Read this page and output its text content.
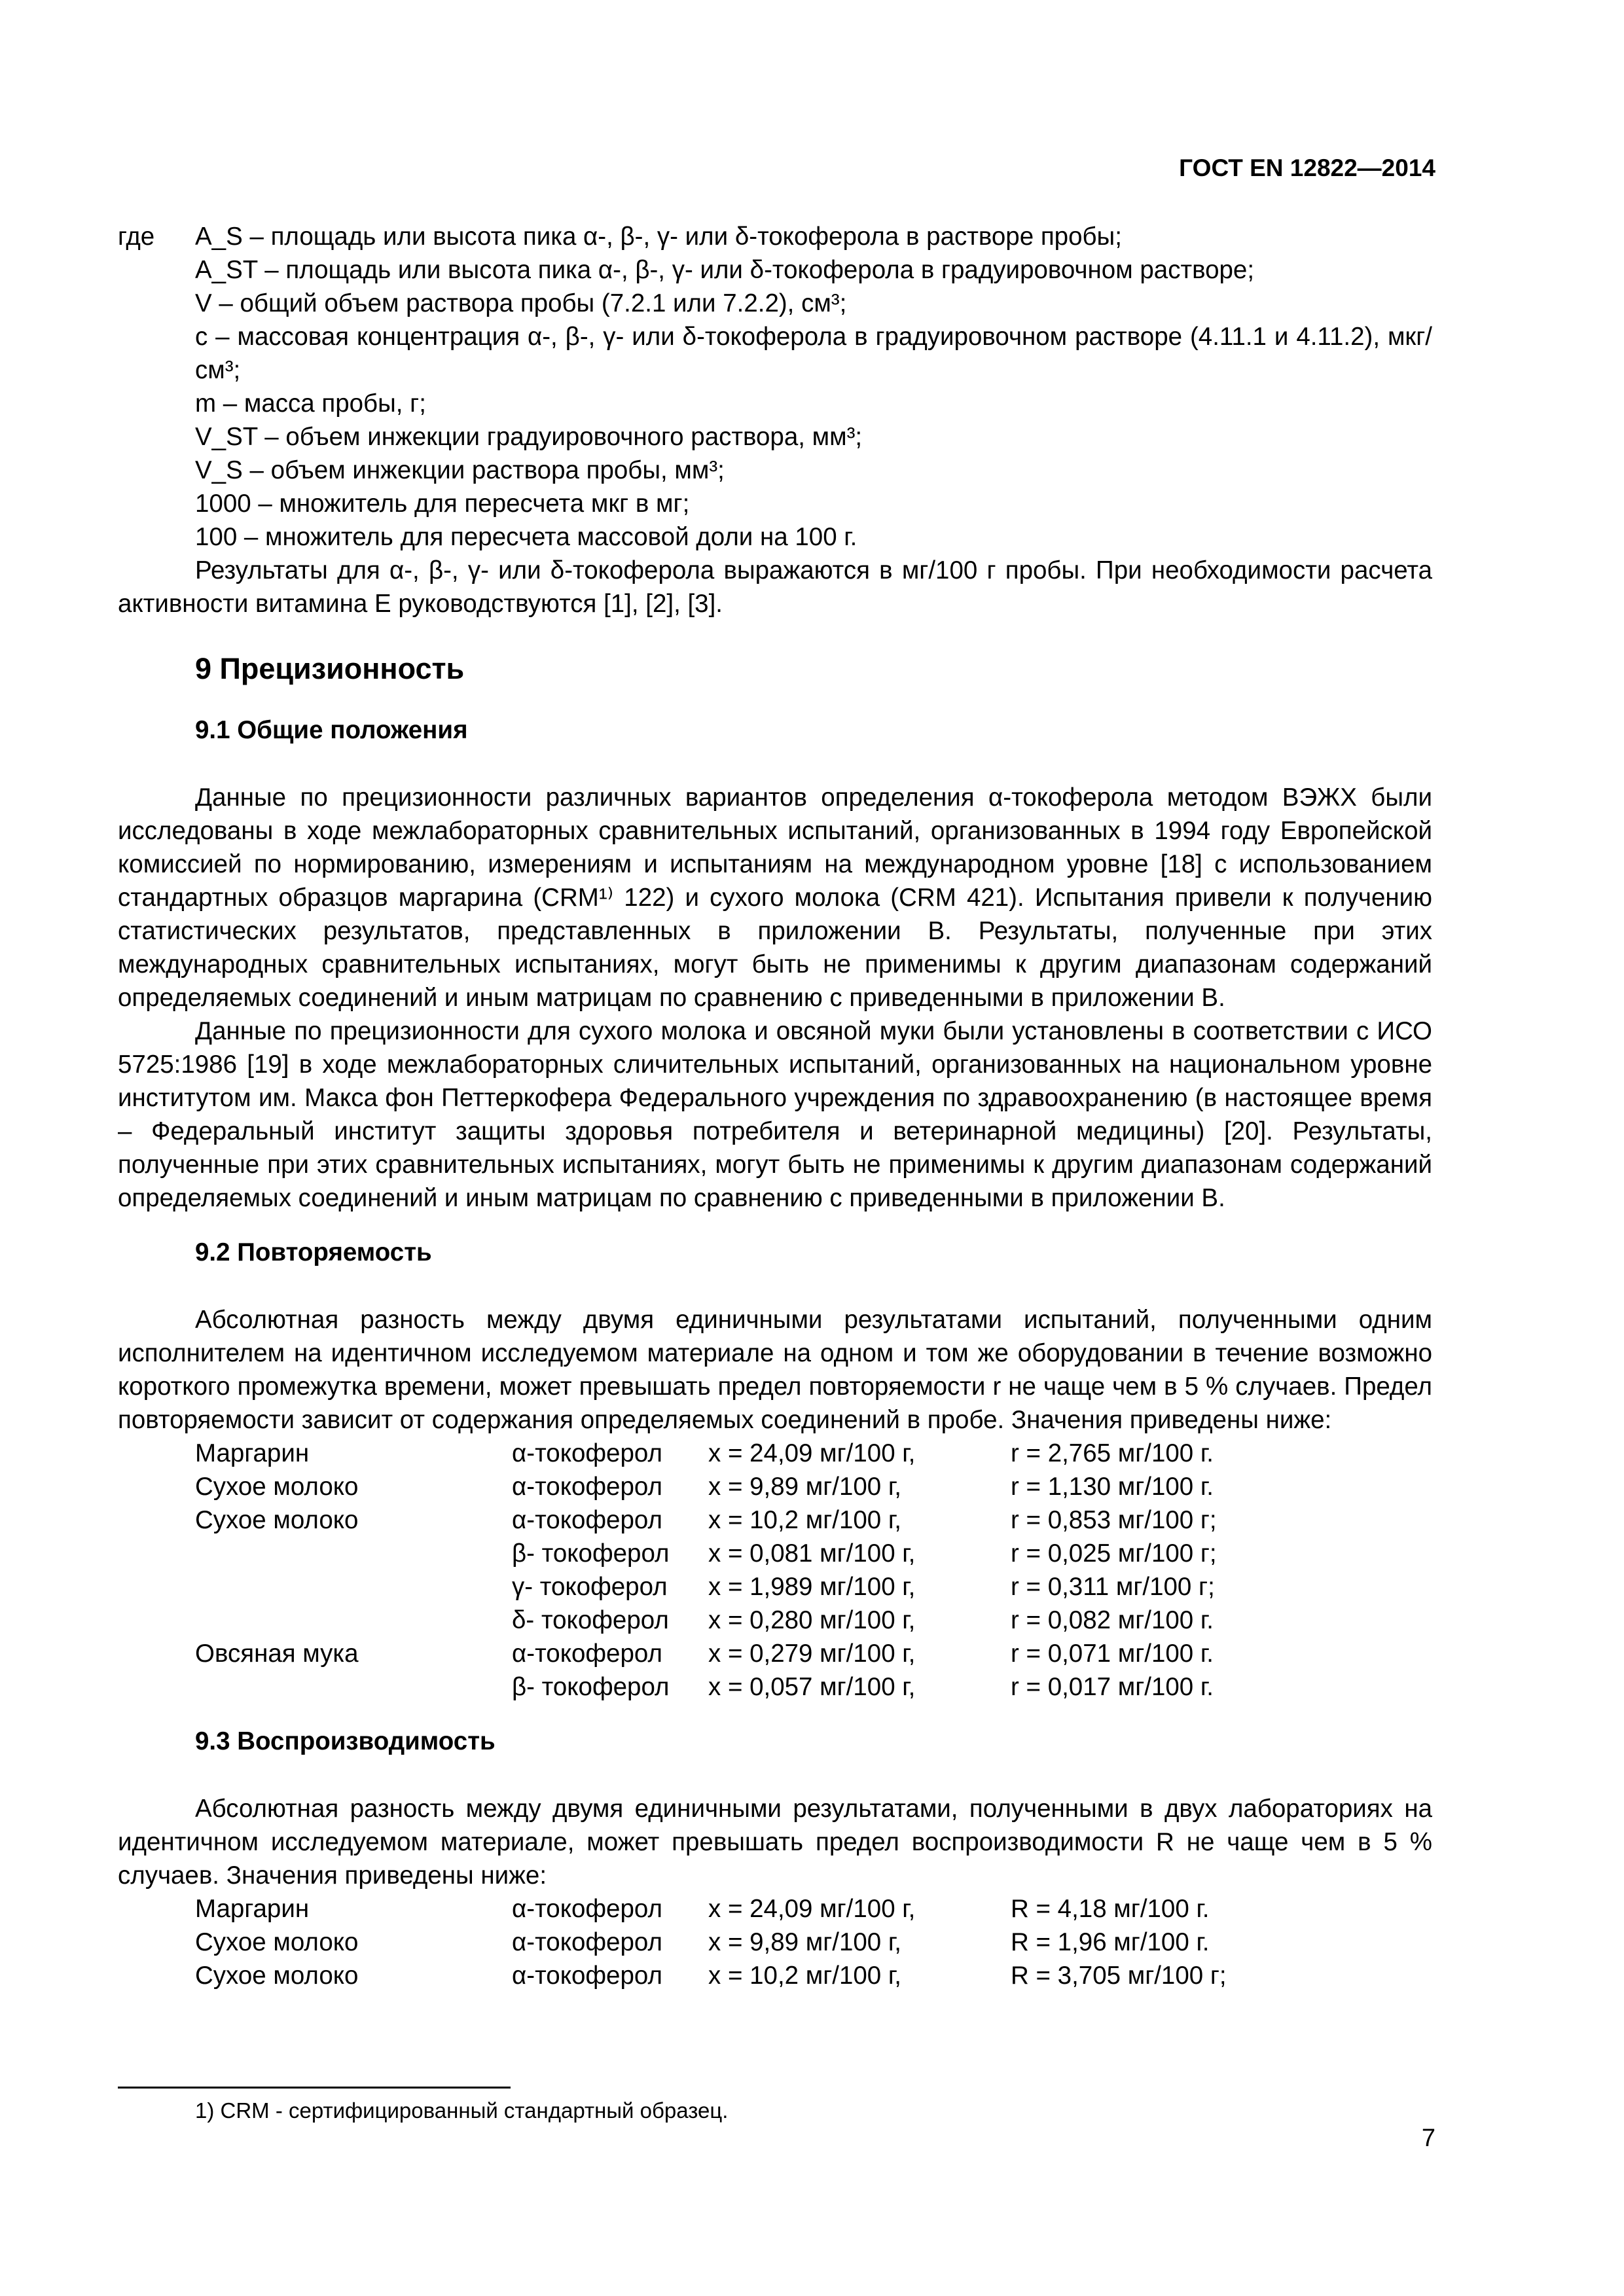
ГОСТ EN 12822—2014
где	A_S – площадь или высота пика α-, β-, γ- или δ-токоферола в растворе пробы;
A_ST – площадь или высота пика α-, β-, γ- или δ-токоферола в градуировочном растворе;
V – общий объем раствора пробы (7.2.1 или 7.2.2), см³;
c – массовая концентрация α-, β-, γ- или δ-токоферола в градуировочном растворе (4.11.1 и 4.11.2), мкг/см³;
m – масса пробы, г;
V_ST – объем инжекции градуировочного раствора, мм³;
V_S – объем инжекции раствора пробы, мм³;
1000 – множитель для пересчета мкг в мг;
100 – множитель для пересчета массовой доли на 100 г.

Результаты для α-, β-, γ- или δ-токоферола выражаются в мг/100 г пробы. При необходимости расчета активности витамина E руководствуются [1], [2], [3].

9 Прецизионность
9.1 Общие положения

Данные по прецизионности различных вариантов определения α-токоферола методом ВЭЖХ были исследованы в ходе межлабораторных сравнительных испытаний, организованных в 1994 году Европейской комиссией по нормированию, измерениям и испытаниям на международном уровне [18] с использованием стандартных образцов маргарина (CRM¹⁾ 122) и сухого молока (CRM 421). Испытания привели к получению статистических результатов, представленных в приложении В. Результаты, полученные при этих международных сравнительных испытаниях, могут быть не применимы к другим диапазонам содержаний определяемых соединений и иным матрицам по сравнению с приведенными в приложении В.

Данные по прецизионности для сухого молока и овсяной муки были установлены в соответствии с ИСО 5725:1986 [19] в ходе межлабораторных сличительных испытаний, организованных на национальном уровне институтом им. Макса фон Петтеркофера Федерального учреждения по здравоохранению (в настоящее время – Федеральный институт защиты здоровья потребителя и ветеринарной медицины) [20]. Результаты, полученные при этих сравнительных испытаниях, могут быть не применимы к другим диапазонам содержаний определяемых соединений и иным матрицам по сравнению с приведенными в приложении В.

9.2 Повторяемость

Абсолютная разность между двумя единичными результатами испытаний, полученными одним исполнителем на идентичном исследуемом материале на одном и том же оборудовании в течение возможно короткого промежутка времени, может превышать предел повторяемости r не чаще чем в 5 % случаев. Предел повторяемости зависит от содержания определяемых соединений в пробе. Значения приведены ниже:

Маргарин	α-токоферол	x = 24,09 мг/100 г,	r = 2,765 мг/100 г.
Сухое молоко	α-токоферол	x = 9,89 мг/100 г,	r = 1,130 мг/100 г.
Сухое молоко	α-токоферол	x = 10,2 мг/100 г,	r = 0,853 мг/100 г;
	β- токоферол	x = 0,081 мг/100 г,	r = 0,025 мг/100 г;
	γ- токоферол	x = 1,989 мг/100 г,	r = 0,311 мг/100 г;
	δ- токоферол	x = 0,280 мг/100 г,	r = 0,082 мг/100 г.
Овсяная мука	α-токоферол	x = 0,279 мг/100 г,	r = 0,071 мг/100 г.
	β- токоферол	x = 0,057 мг/100 г,	r = 0,017 мг/100 г.
9.3 Воспроизводимость

Абсолютная разность между двумя единичными результатами, полученными в двух лабораториях на идентичном исследуемом материале, может превышать предел воспроизводимости R не чаще чем в 5 % случаев. Значения приведены ниже:

Маргарин	α-токоферол	x = 24,09 мг/100 г,	R = 4,18 мг/100 г.
Сухое молоко	α-токоферол	x = 9,89 мг/100 г,	R = 1,96 мг/100 г.
Сухое молоко	α-токоферол	x = 10,2 мг/100 г,	R = 3,705 мг/100 г;
1) CRM - сертифицированный стандартный образец.
7
